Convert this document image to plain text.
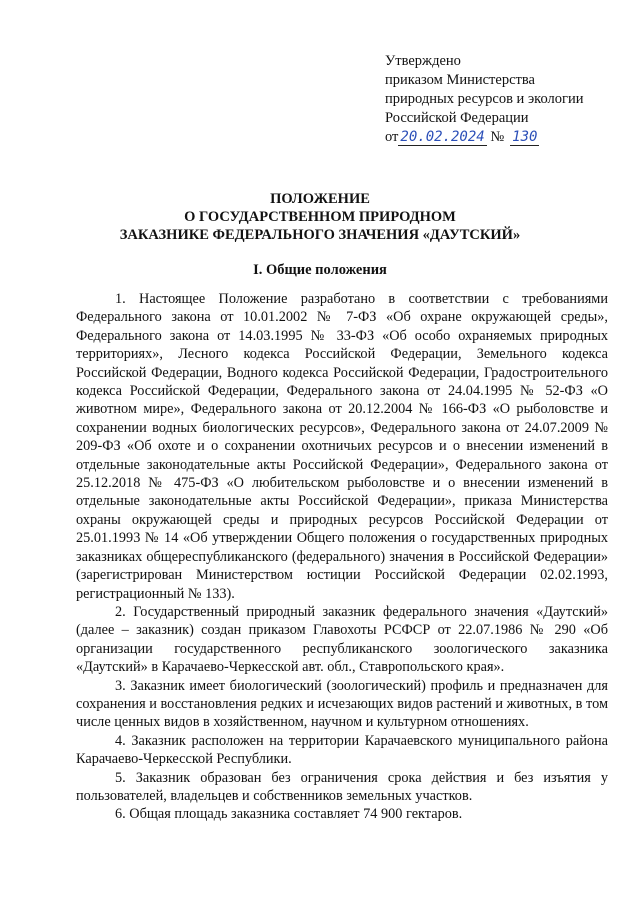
Утверждено
приказом Министерства
природных ресурсов и экологии
Российской Федерации
от 20.02.2024 № 130
ПОЛОЖЕНИЕ
О ГОСУДАРСТВЕННОМ ПРИРОДНОМ
ЗАКАЗНИКЕ ФЕДЕРАЛЬНОГО ЗНАЧЕНИЯ «ДАУТСКИЙ»
I. Общие положения

1. Настоящее Положение разработано в соответствии с требованиями Федерального закона от 10.01.2002 № 7-ФЗ «Об охране окружающей среды», Федерального закона от 14.03.1995 № 33-ФЗ «Об особо охраняемых природных территориях», Лесного кодекса Российской Федерации, Земельного кодекса Российской Федерации, Водного кодекса Российской Федерации, Градостроительного кодекса Российской Федерации, Федерального закона от 24.04.1995 № 52-ФЗ «О животном мире», Федерального закона от 20.12.2004 № 166-ФЗ «О рыболовстве и сохранении водных биологических ресурсов», Федерального закона от 24.07.2009 № 209-ФЗ «Об охоте и о сохранении охотничьих ресурсов и о внесении изменений в отдельные законодательные акты Российской Федерации», Федерального закона от 25.12.2018 № 475-ФЗ «О любительском рыболовстве и о внесении изменений в отдельные законодательные акты Российской Федерации», приказа Министерства охраны окружающей среды и природных ресурсов Российской Федерации от 25.01.1993 № 14 «Об утверждении Общего положения о государственных природных заказниках общереспубликанского (федерального) значения в Российской Федерации» (зарегистрирован Министерством юстиции Российской Федерации 02.02.1993, регистрационный № 133).

2. Государственный природный заказник федерального значения «Даутский» (далее – заказник) создан приказом Главохоты РСФСР от 22.07.1986 № 290 «Об организации государственного республиканского зоологического заказника «Даутский» в Карачаево-Черкесской авт. обл., Ставропольского края».

3. Заказник имеет биологический (зоологический) профиль и предназначен для сохранения и восстановления редких и исчезающих видов растений и животных, в том числе ценных видов в хозяйственном, научном и культурном отношениях.

4. Заказник расположен на территории Карачаевского муниципального района Карачаево-Черкесской Республики.

5. Заказник образован без ограничения срока действия и без изъятия у пользователей, владельцев и собственников земельных участков.

6. Общая площадь заказника составляет 74 900 гектаров.
